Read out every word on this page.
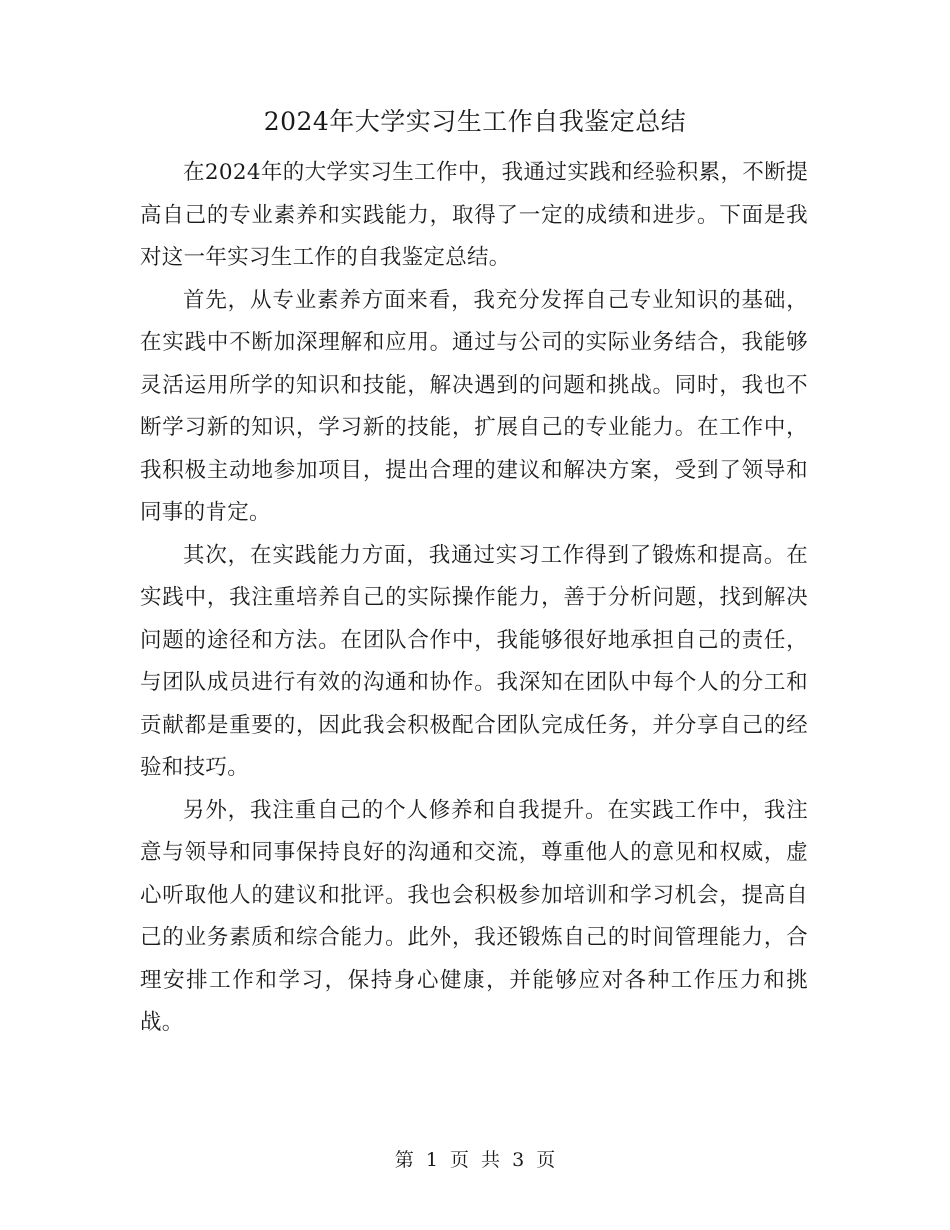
2024年大学实习生工作自我鉴定总结

在2024年的大学实习生工作中，我通过实践和经验积累，不断提高自己的专业素养和实践能力，取得了一定的成绩和进步。下面是我对这一年实习生工作的自我鉴定总结。

首先，从专业素养方面来看，我充分发挥自己专业知识的基础，在实践中不断加深理解和应用。通过与公司的实际业务结合，我能够灵活运用所学的知识和技能，解决遇到的问题和挑战。同时，我也不断学习新的知识，学习新的技能，扩展自己的专业能力。在工作中，我积极主动地参加项目，提出合理的建议和解决方案，受到了领导和同事的肯定。

其次，在实践能力方面，我通过实习工作得到了锻炼和提高。在实践中，我注重培养自己的实际操作能力，善于分析问题，找到解决问题的途径和方法。在团队合作中，我能够很好地承担自己的责任，与团队成员进行有效的沟通和协作。我深知在团队中每个人的分工和贡献都是重要的，因此我会积极配合团队完成任务，并分享自己的经验和技巧。

另外，我注重自己的个人修养和自我提升。在实践工作中，我注意与领导和同事保持良好的沟通和交流，尊重他人的意见和权威，虚心听取他人的建议和批评。我也会积极参加培训和学习机会，提高自己的业务素质和综合能力。此外，我还锻炼自己的时间管理能力，合理安排工作和学习，保持身心健康，并能够应对各种工作压力和挑战。

第 1 页 共 3 页
